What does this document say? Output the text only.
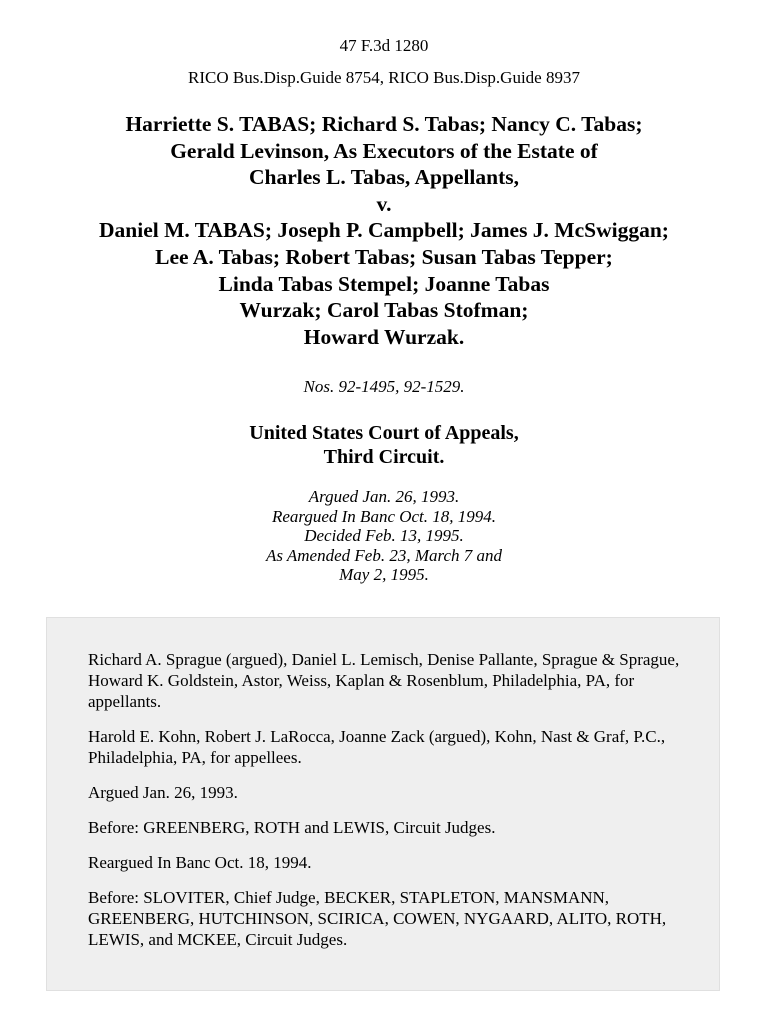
47 F.3d 1280
RICO Bus.Disp.Guide 8754, RICO Bus.Disp.Guide 8937
Harriette S. TABAS; Richard S. Tabas; Nancy C. Tabas;
Gerald Levinson, As Executors of the Estate of
Charles L. Tabas, Appellants,
v.
Daniel M. TABAS; Joseph P. Campbell; James J. McSwiggan;
Lee A. Tabas; Robert Tabas; Susan Tabas Tepper;
Linda Tabas Stempel; Joanne Tabas
Wurzak; Carol Tabas Stofman;
Howard Wurzak.
Nos. 92-1495, 92-1529.
United States Court of Appeals,
Third Circuit.
Argued Jan. 26, 1993.
Reargued In Banc Oct. 18, 1994.
Decided Feb. 13, 1995.
As Amended Feb. 23, March 7 and
May 2, 1995.

Richard A. Sprague (argued), Daniel L. Lemisch, Denise Pallante, Sprague & Sprague, Howard K. Goldstein, Astor, Weiss, Kaplan & Rosenblum, Philadelphia, PA, for appellants.

Harold E. Kohn, Robert J. LaRocca, Joanne Zack (argued), Kohn, Nast & Graf, P.C., Philadelphia, PA, for appellees.

Argued Jan. 26, 1993.

Before: GREENBERG, ROTH and LEWIS, Circuit Judges.

Reargued In Banc Oct. 18, 1994.

Before: SLOVITER, Chief Judge, BECKER, STAPLETON, MANSMANN, GREENBERG, HUTCHINSON, SCIRICA, COWEN, NYGAARD, ALITO, ROTH, LEWIS, and MCKEE, Circuit Judges.
